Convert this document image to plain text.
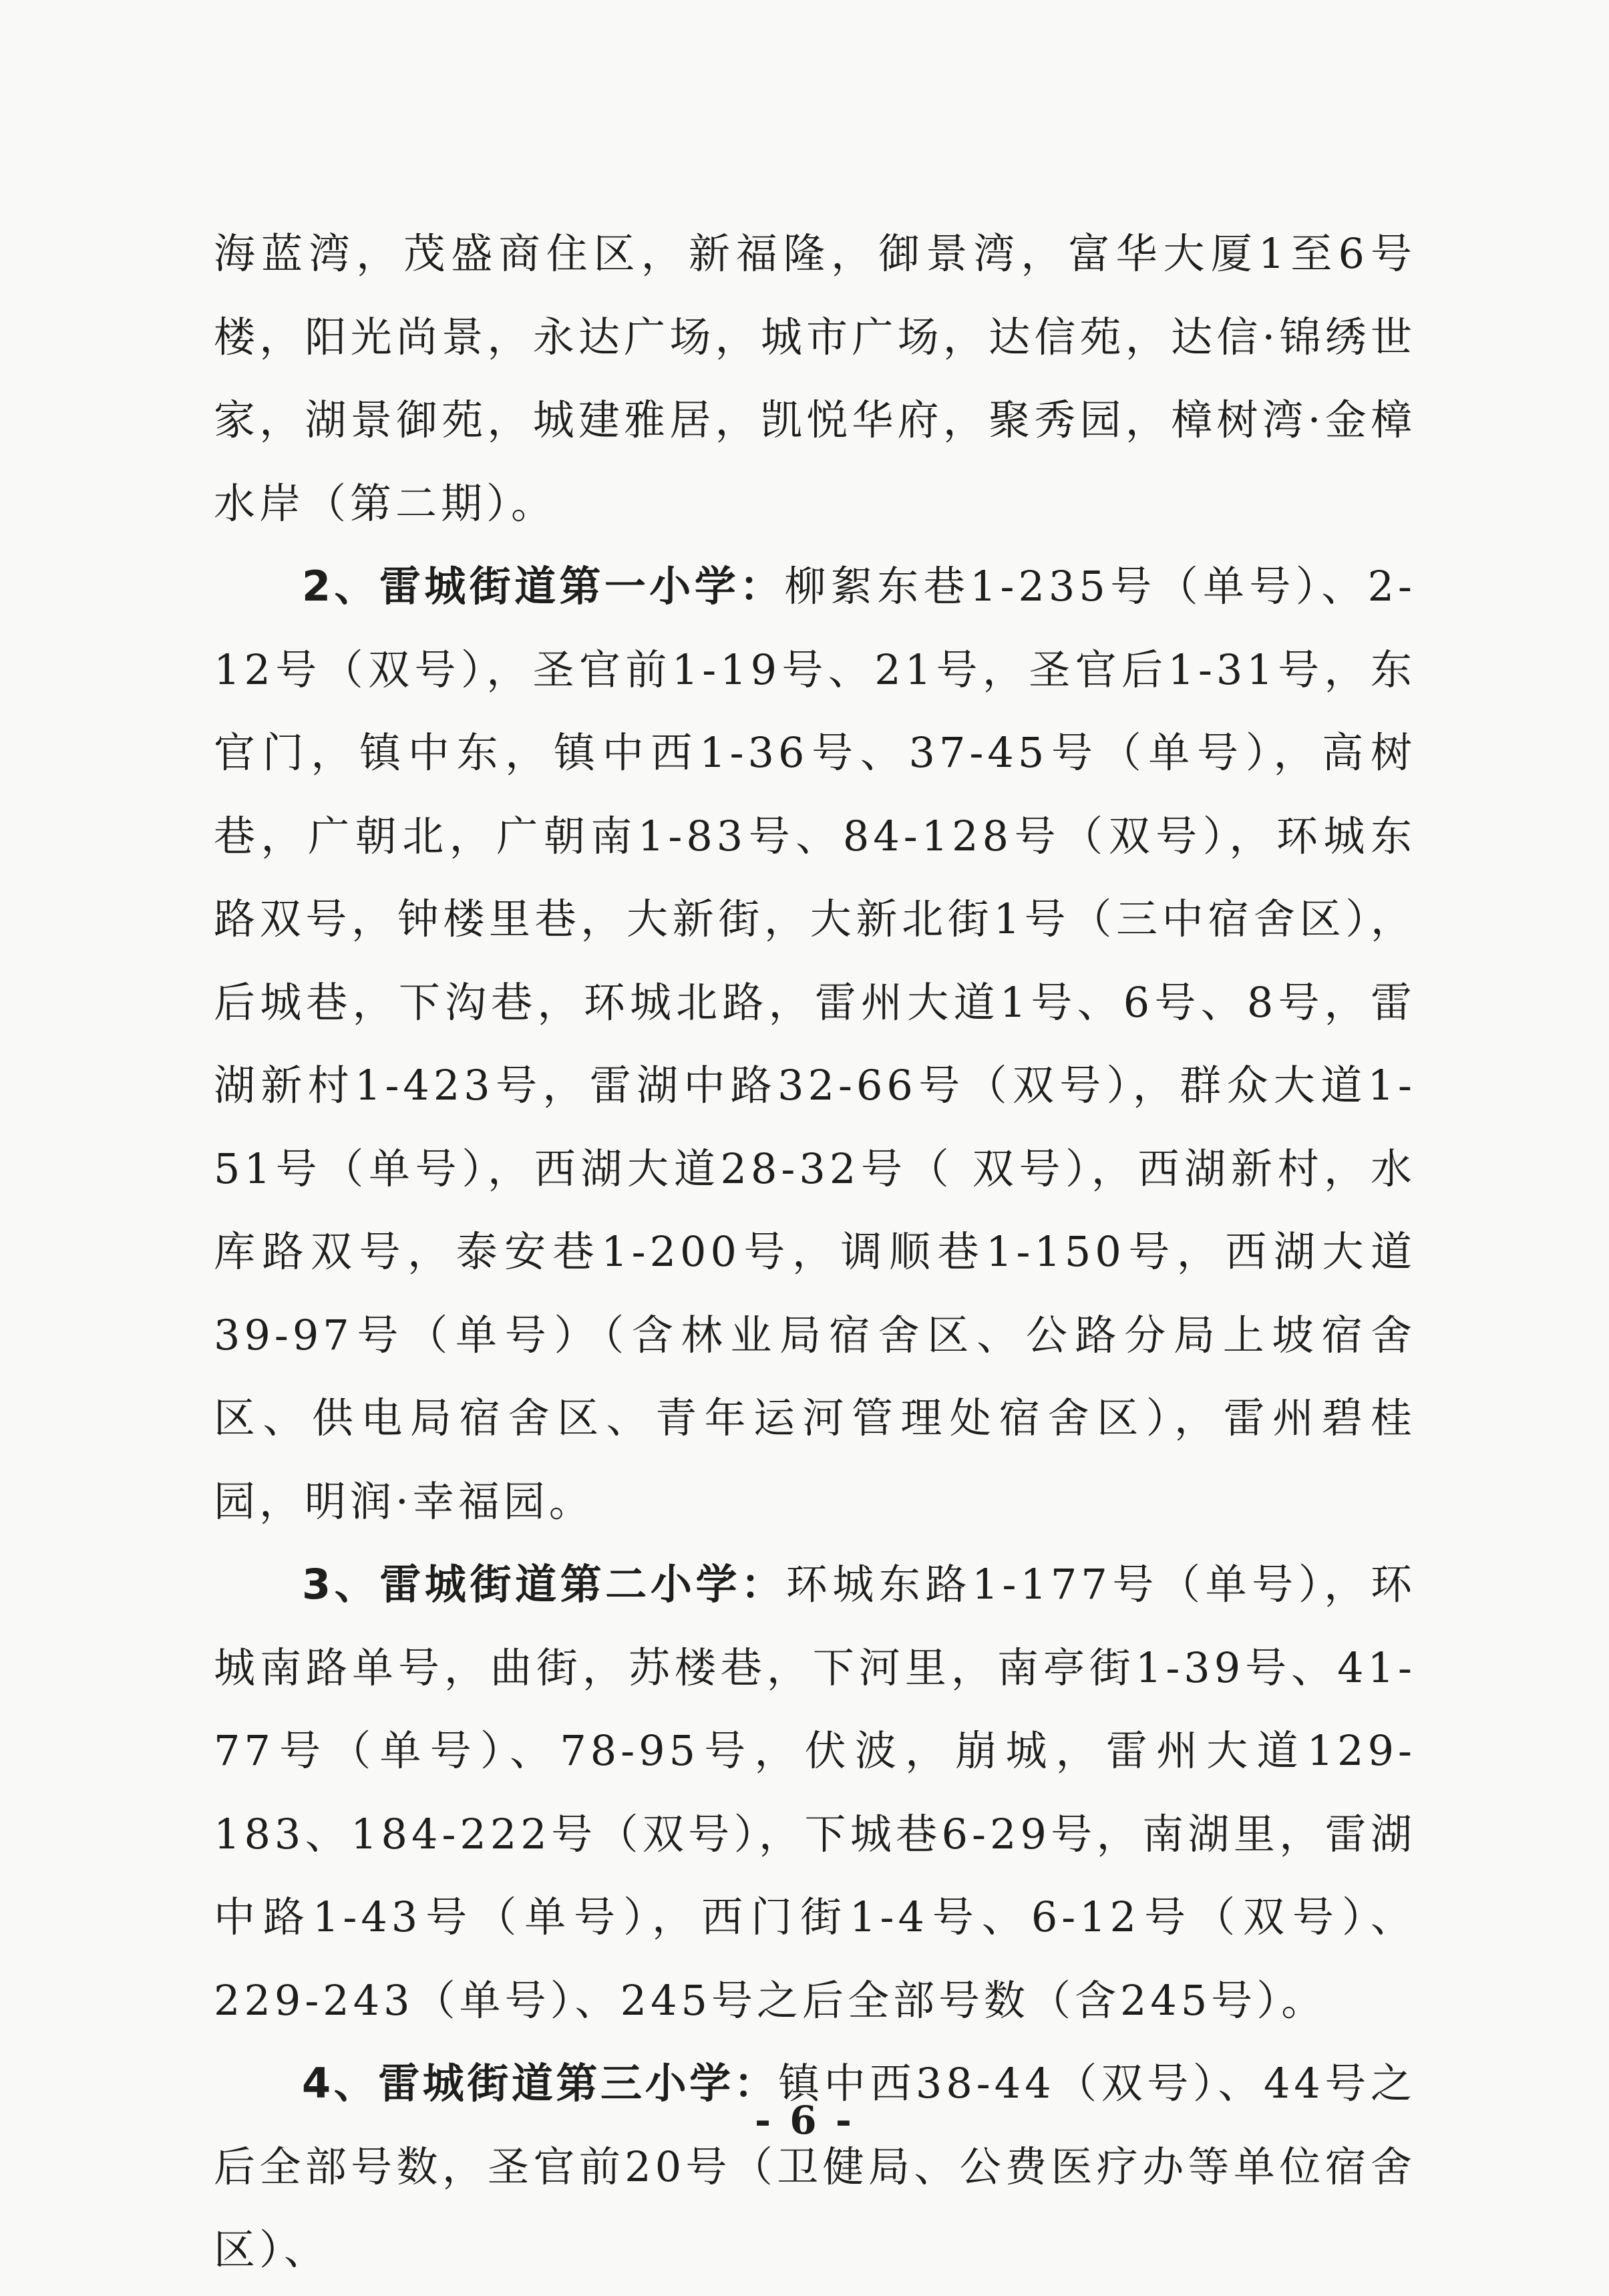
海蓝湾，茂盛商住区，新福隆，御景湾，富华大厦1至6号楼，阳光尚景，永达广场，城市广场，达信苑，达信·锦绣世家，湖景御苑，城建雅居，凯悦华府，聚秀园，樟树湾·金樟水岸（第二期）。

2、雷城街道第一小学：柳絮东巷1-235号（单号）、2-12号（双号），圣官前1-19号、21号，圣官后1-31号，东官门，镇中东，镇中西1-36号、37-45号（单号），高树巷，广朝北，广朝南1-83号、84-128号（双号），环城东路双号，钟楼里巷，大新街，大新北街1号（三中宿舍区），后城巷，下沟巷，环城北路，雷州大道1号、6号、8号，雷湖新村1-423号，雷湖中路32-66号（双号），群众大道1-51号（单号），西湖大道28-32号（ 双号），西湖新村，水库路双号，泰安巷1-200号，调顺巷1-150号，西湖大道39-97号（单号）（含林业局宿舍区、公路分局上坡宿舍区、供电局宿舍区、青年运河管理处宿舍区），雷州碧桂园，明润·幸福园。

3、雷城街道第二小学：环城东路1-177号（单号），环城南路单号，曲街，苏楼巷，下河里，南亭街1-39号、41-77号（单号）、78-95号，伏波，崩城，雷州大道129-183、184-222号（双号），下城巷6-29号，南湖里，雷湖中路1-43号（单号），西门街1-4号、6-12号（双号）、229-243（单号）、245号之后全部号数（含245号）。

4、雷城街道第三小学：镇中西38-44（双号）、44号之后全部号数，圣官前20号（卫健局、公费医疗办等单位宿舍区）、

- 6 -
